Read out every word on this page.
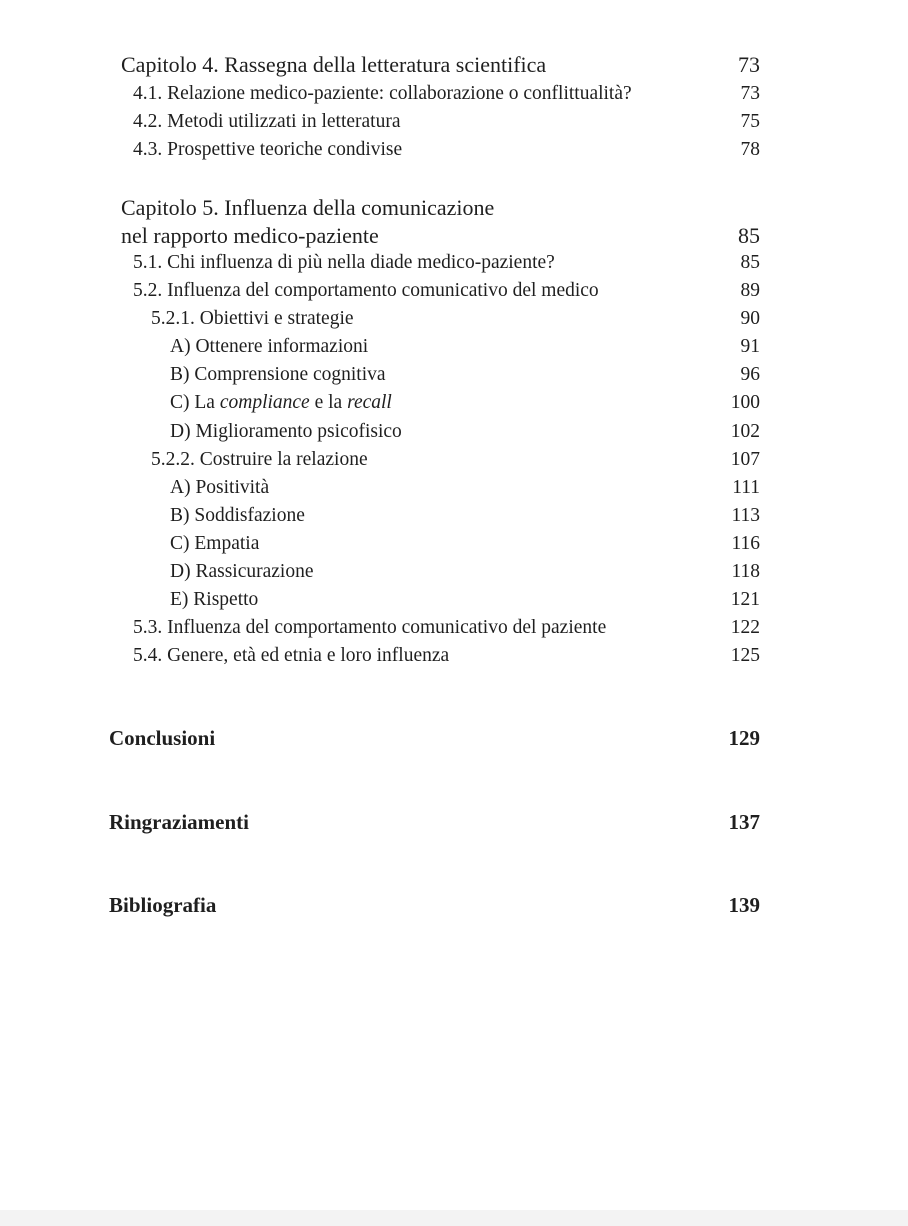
Capitolo 4. Rassegna della letteratura scientifica	73
4.1. Relazione medico-paziente: collaborazione o conflittualità?	73
4.2. Metodi utilizzati in letteratura	75
4.3. Prospettive teoriche condivise	78
Capitolo 5. Influenza della comunicazione
nel rapporto medico-paziente	85
5.1. Chi influenza di più nella diade medico-paziente?	85
5.2. Influenza del comportamento comunicativo del medico	89
5.2.1. Obiettivi e strategie	90
A) Ottenere informazioni	91
B) Comprensione cognitiva	96
C) La compliance e la recall	100
D) Miglioramento psicofisico	102
5.2.2. Costruire la relazione	107
A) Positività	111
B) Soddisfazione	113
C) Empatia	116
D) Rassicurazione	118
E) Rispetto	121
5.3. Influenza del comportamento comunicativo del paziente	122
5.4. Genere, età ed etnia e loro influenza	125
Conclusioni	129
Ringraziamenti	137
Bibliografia	139
